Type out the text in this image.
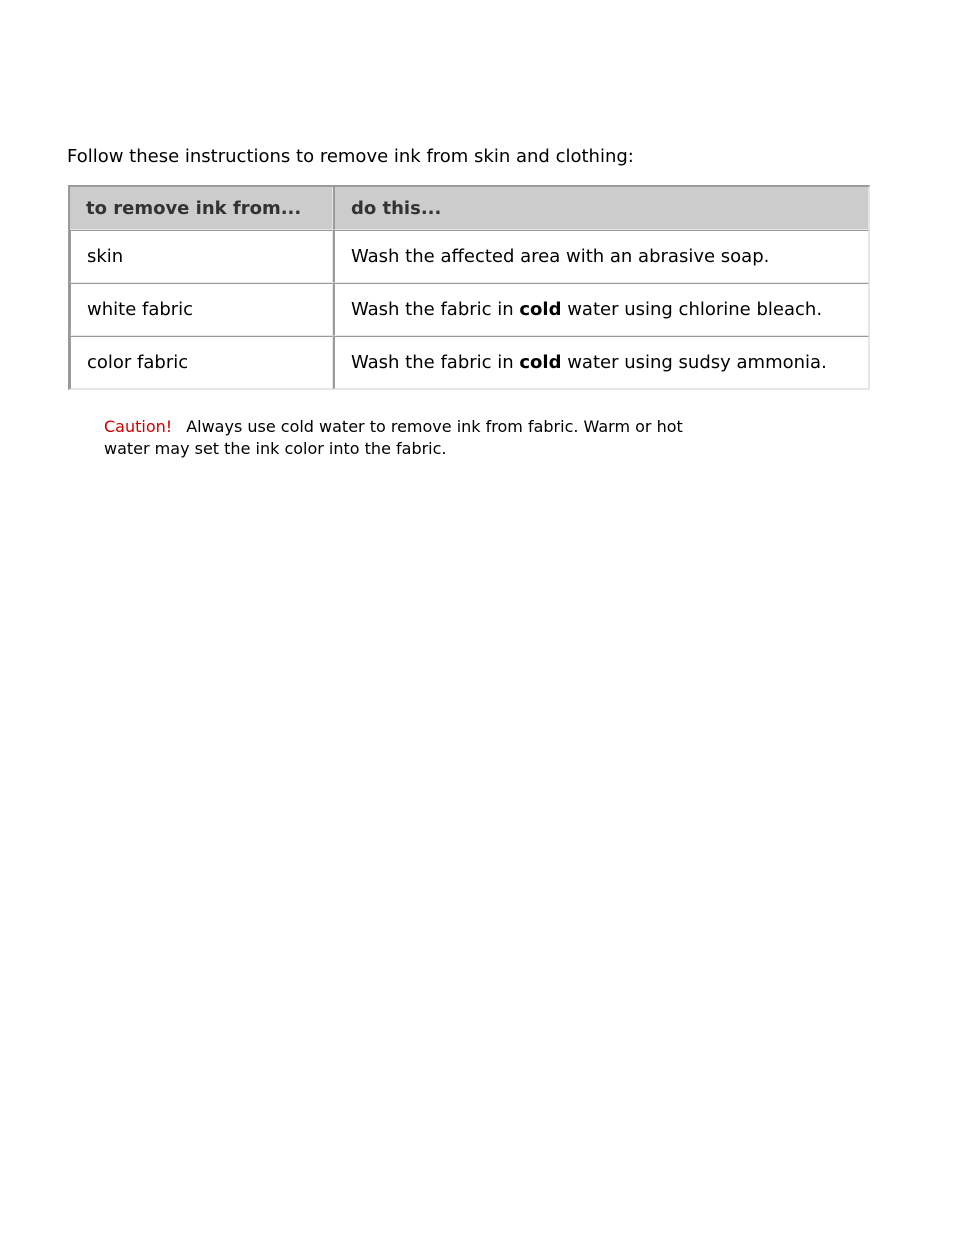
Follow these instructions to remove ink from skin and clothing:
to remove ink from...	do this...
skin	Wash the affected area with an abrasive soap.
white fabric	Wash the fabric in cold water using chlorine bleach.
color fabric	Wash the fabric in cold water using sudsy ammonia.
Caution! Always use cold water to remove ink from fabric. Warm or hot water may set the ink color into the fabric.
